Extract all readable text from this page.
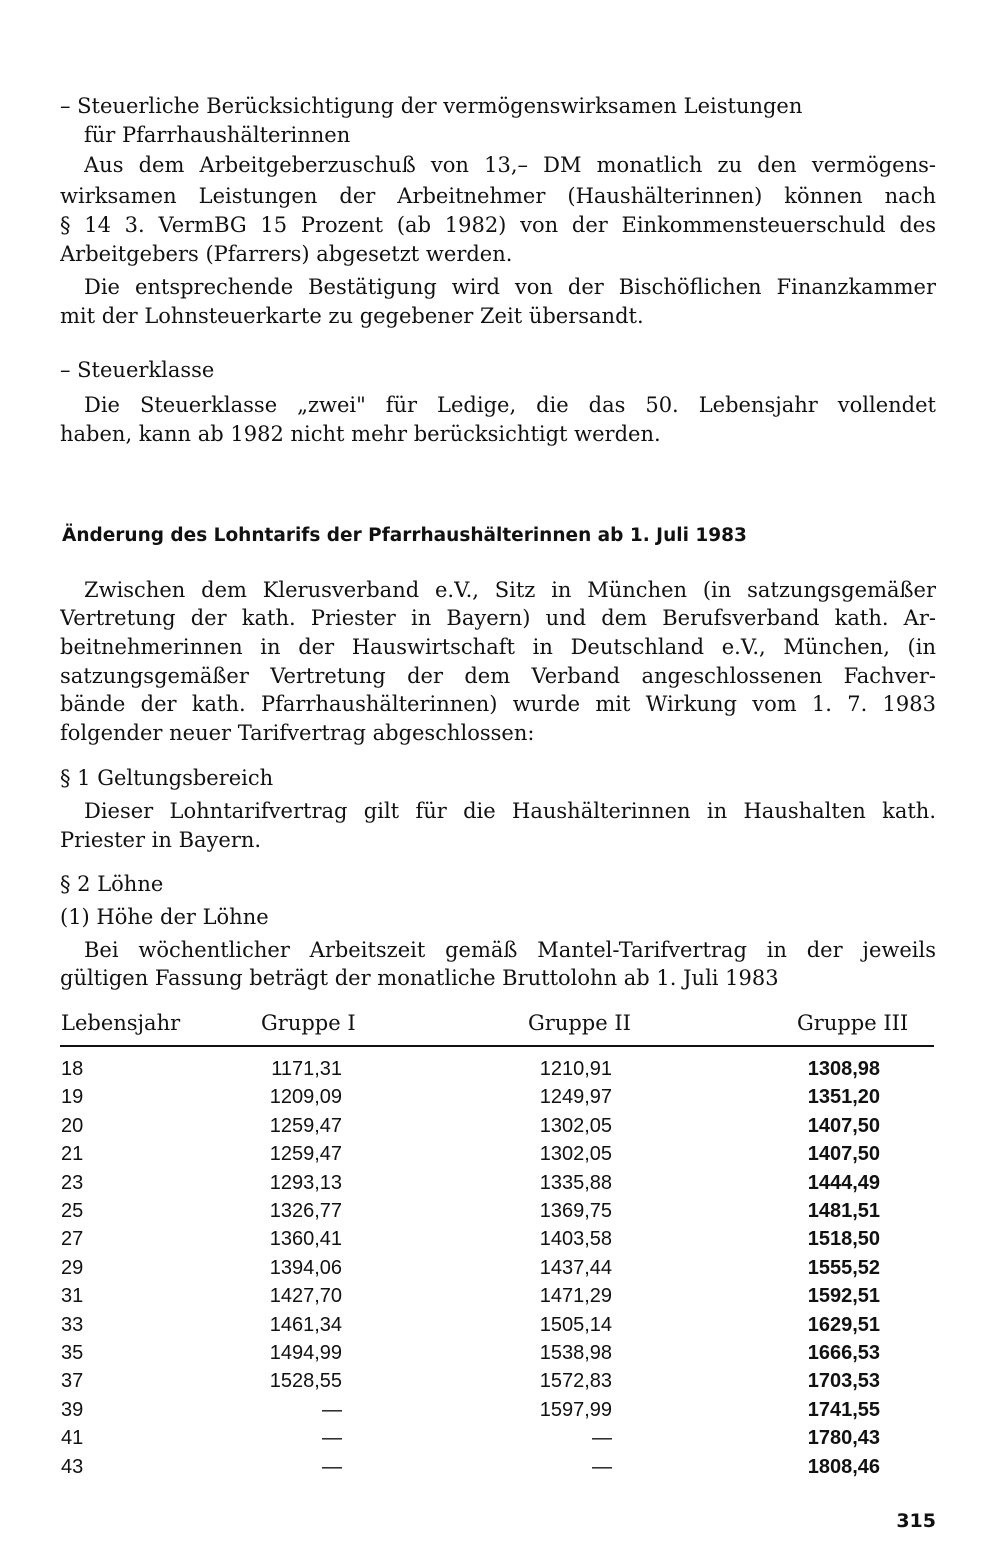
– Steuerliche Berücksichtigung der vermögenswirksamen Leistungen
für Pfarrhaushälterinnen
Aus dem Arbeitgeberzuschuß von 13,– DM monatlich zu den vermögens-
wirksamen Leistungen der Arbeitnehmer (Haushälterinnen) können nach
§ 14 3. VermBG 15 Prozent (ab 1982) von der Einkommensteuerschuld des
Arbeitgebers (Pfarrers) abgesetzt werden.
Die entsprechende Bestätigung wird von der Bischöflichen Finanzkammer
mit der Lohnsteuerkarte zu gegebener Zeit übersandt.
– Steuerklasse
Die Steuerklasse „zwei" für Ledige, die das 50. Lebensjahr vollendet
haben, kann ab 1982 nicht mehr berücksichtigt werden.
Änderung des Lohntarifs der Pfarrhaushälterinnen ab 1. Juli 1983
Zwischen dem Klerusverband e.V., Sitz in München (in satzungsgemäßer
Vertretung der kath. Priester in Bayern) und dem Berufsverband kath. Ar-
beitnehmerinnen in der Hauswirtschaft in Deutschland e.V., München, (in
satzungsgemäßer Vertretung der dem Verband angeschlossenen Fachver-
bände der kath. Pfarrhaushälterinnen) wurde mit Wirkung vom 1. 7. 1983
folgender neuer Tarifvertrag abgeschlossen:
§ 1 Geltungsbereich
Dieser Lohntarifvertrag gilt für die Haushälterinnen in Haushalten kath.
Priester in Bayern.
§ 2 Löhne
(1) Höhe der Löhne
Bei wöchentlicher Arbeitszeit gemäß Mantel-Tarifvertrag in der jeweils
gültigen Fassung beträgt der monatliche Bruttolohn ab 1. Juli 1983
Lebensjahr	Gruppe I	Gruppe II	Gruppe III
18	1171,31	1210,91	1308,98
19	1209,09	1249,97	1351,20
20	1259,47	1302,05	1407,50
21	1259,47	1302,05	1407,50
23	1293,13	1335,88	1444,49
25	1326,77	1369,75	1481,51
27	1360,41	1403,58	1518,50
29	1394,06	1437,44	1555,52
31	1427,70	1471,29	1592,51
33	1461,34	1505,14	1629,51
35	1494,99	1538,98	1666,53
37	1528,55	1572,83	1703,53
39	—	1597,99	1741,55
41	—	—	1780,43
43	—	—	1808,46
315
